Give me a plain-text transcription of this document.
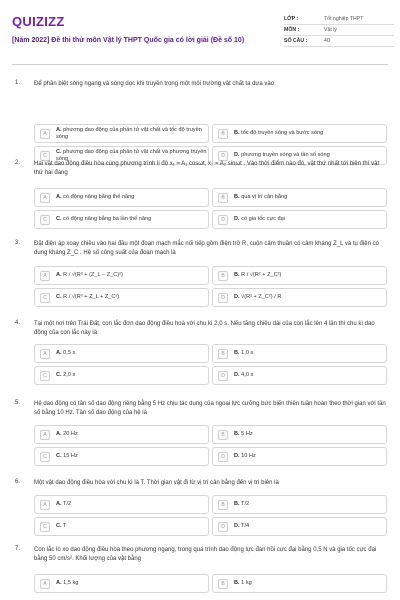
QUIZIZZ
[Năm 2022] Đề thi thử môn Vật lý THPT Quốc gia có lời giải (Đề số 10)
LỚP :	Tốt nghiệp THPT
MÔN :	Vật lý
SỐ CÂU :	40
1. Để phân biệt sóng ngang và sóng dọc khi truyền trong một môi trường vật chất ta dựa vào
A
A. phương dao động của phần tử vật chất và tốc độ truyền sóng	B	B. tốc độ truyền sóng và bước sóng
C
C. phương dao động của phần tử vật chất và phương truyền sóng	D	D. phương truyền sóng và tần số sóng
2. Hai vật dao động điều hòa cùng phương trình li độ x₁ = A₁ cosωt, x₂ = A₂ sinωt . Vào thời điểm nào đó, vật thứ nhất tới biên thì vật thứ hai đang
A	A. có động năng bằng thế năng	B	B. qua vị trí cân bằng
C	C. có động năng bằng ba lần thế năng	D	D. có gia tốc cực đại
3. Đặt điện áp xoay chiều vào hai đầu một đoạn mạch mắc nối tiếp gồm điện trở R, cuộn cảm thuần có cảm kháng Z_L và tụ điện có dung kháng Z_C . Hệ số công suất của đoạn mạch là
A	A. R / √(R² + (Z_L − Z_C)²)	B	B. R / √(R² + Z_C²)
C	C. R / √(R² + Z_L + Z_C²)	D	D. √(R² + Z_C²) / R
4. Tại một nơi trên Trái Đất, con lắc đơn dao động điều hoà với chu kì 2,0 s. Nếu tăng chiều dài của con lắc lên 4 lần thì chu kì dao động của con lắc này là
A	A. 0,5 s	B	B. 1,0 s
C	C. 2,0 s	D	D. 4,0 s
5. Hệ dao động có tần số dao động riêng bằng 5 Hz chịu tác dụng của ngoại lực cưỡng bức biến thiên tuần hoàn theo thời gian với tần số bằng 10 Hz. Tần số dao động của hệ là
A	A. 20 Hz	B	B. 5 Hz
C	C. 15 Hz	D	D. 10 Hz
6. Một vật dao động điều hòa với chu kì là T. Thời gian vật đi từ vị trí cân bằng đến vị trí biên là
A	A. T/2	B	B. T/2
C	C. T	D	D. T/4
7. Con lắc lò xo dao động điều hòa theo phương ngang, trong quá trình dao động lực đàn hồi cực đại bằng 0,5 N và gia tốc cực đại bằng 50 cm/s². Khối lượng của vật bằng
A	A. 1,5 kg	B	B. 1 kg
